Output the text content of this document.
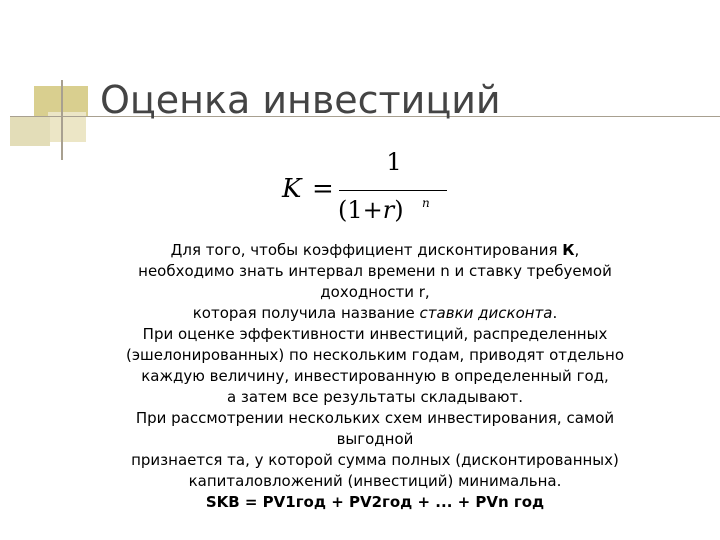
Оценка инвестиций
K =
1
(1+r) n

Для того, чтобы коэффициент дисконтирования К,

необходимо знать интервал времени n и ставку требуемой

доходности r,

которая получила название ставки дисконта.

При оценке эффективности инвестиций, распределенных

(эшелонированных) по нескольким годам, приводят отдельно

каждую величину, инвестированную в определенный год,

а затем все результаты складывают.

При рассмотрении нескольких схем инвестирования, самой

выгодной

признается та, у которой сумма полных (дисконтированных)

капиталовложений (инвестиций) минимальна.

SKB = PV1год + PV2год + ... + PVn год
